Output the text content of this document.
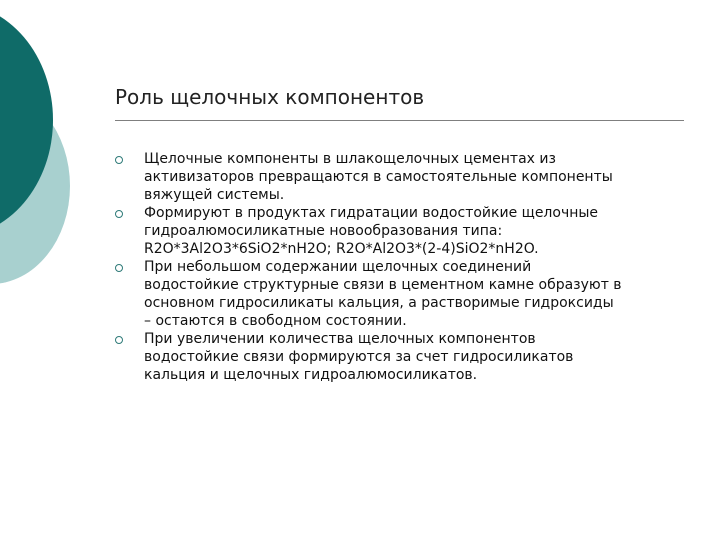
Роль щелочных компонентов
Щелочные компоненты в шлакощелочных цементах из
активизаторов превращаются в самостоятельные компоненты
вяжущей системы.
Формируют в продуктах гидратации водостойкие щелочные
гидроалюмосиликатные новообразования типа:
R2O*3Al2O3*6SiO2*nH2O; R2O*Al2O3*(2-4)SiO2*nH2O.
При небольшом содержании щелочных соединений
водостойкие структурные связи в цементном камне образуют в
основном гидросиликаты кальция, а растворимые гидроксиды
– остаются в свободном состоянии.
При увеличении количества щелочных компонентов
водостойкие связи формируются за счет гидросиликатов
кальция и щелочных гидроалюмосиликатов.
